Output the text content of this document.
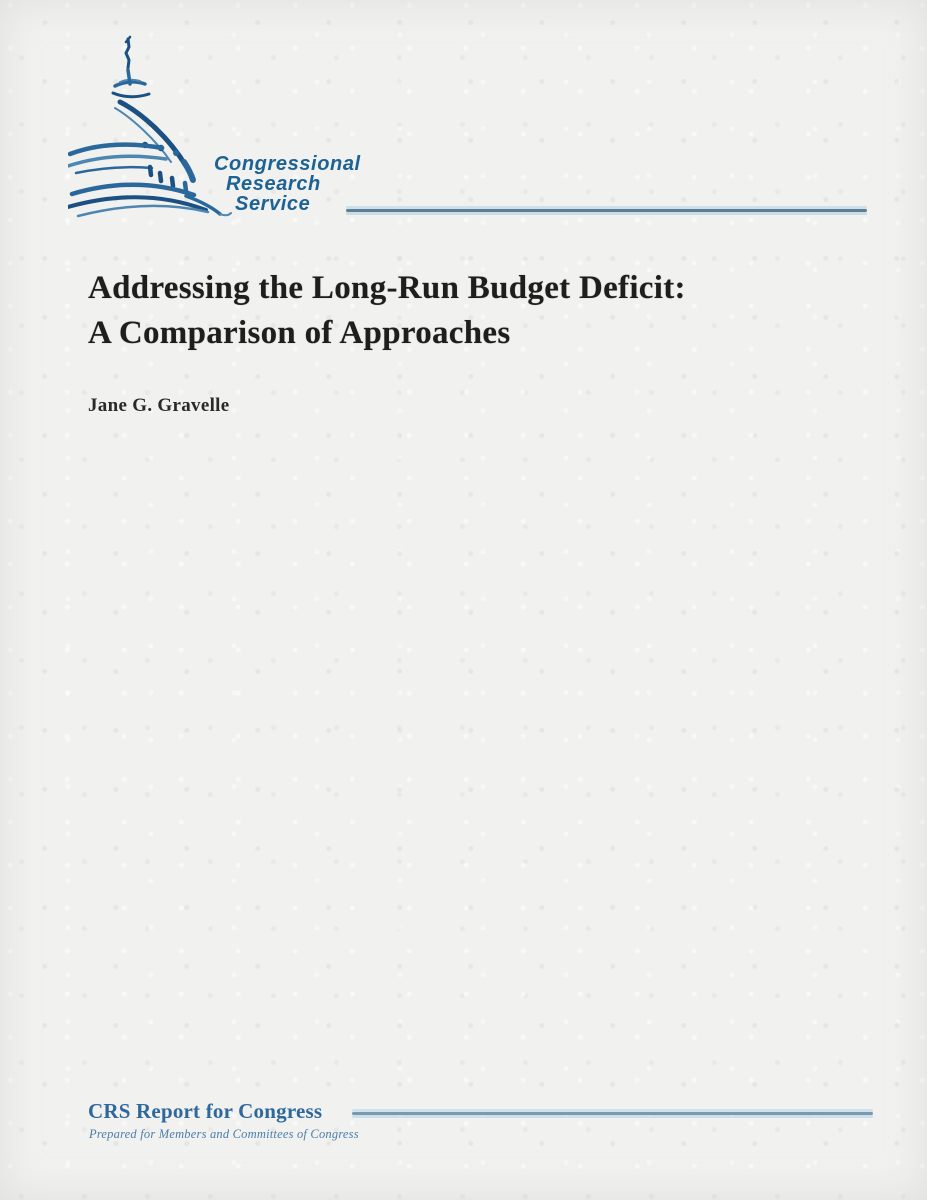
Congressional
Research
Service
Addressing the Long-Run Budget Deficit:
A Comparison of Approaches
Jane G. Gravelle
CRS Report for Congress
Prepared for Members and Committees of Congress
